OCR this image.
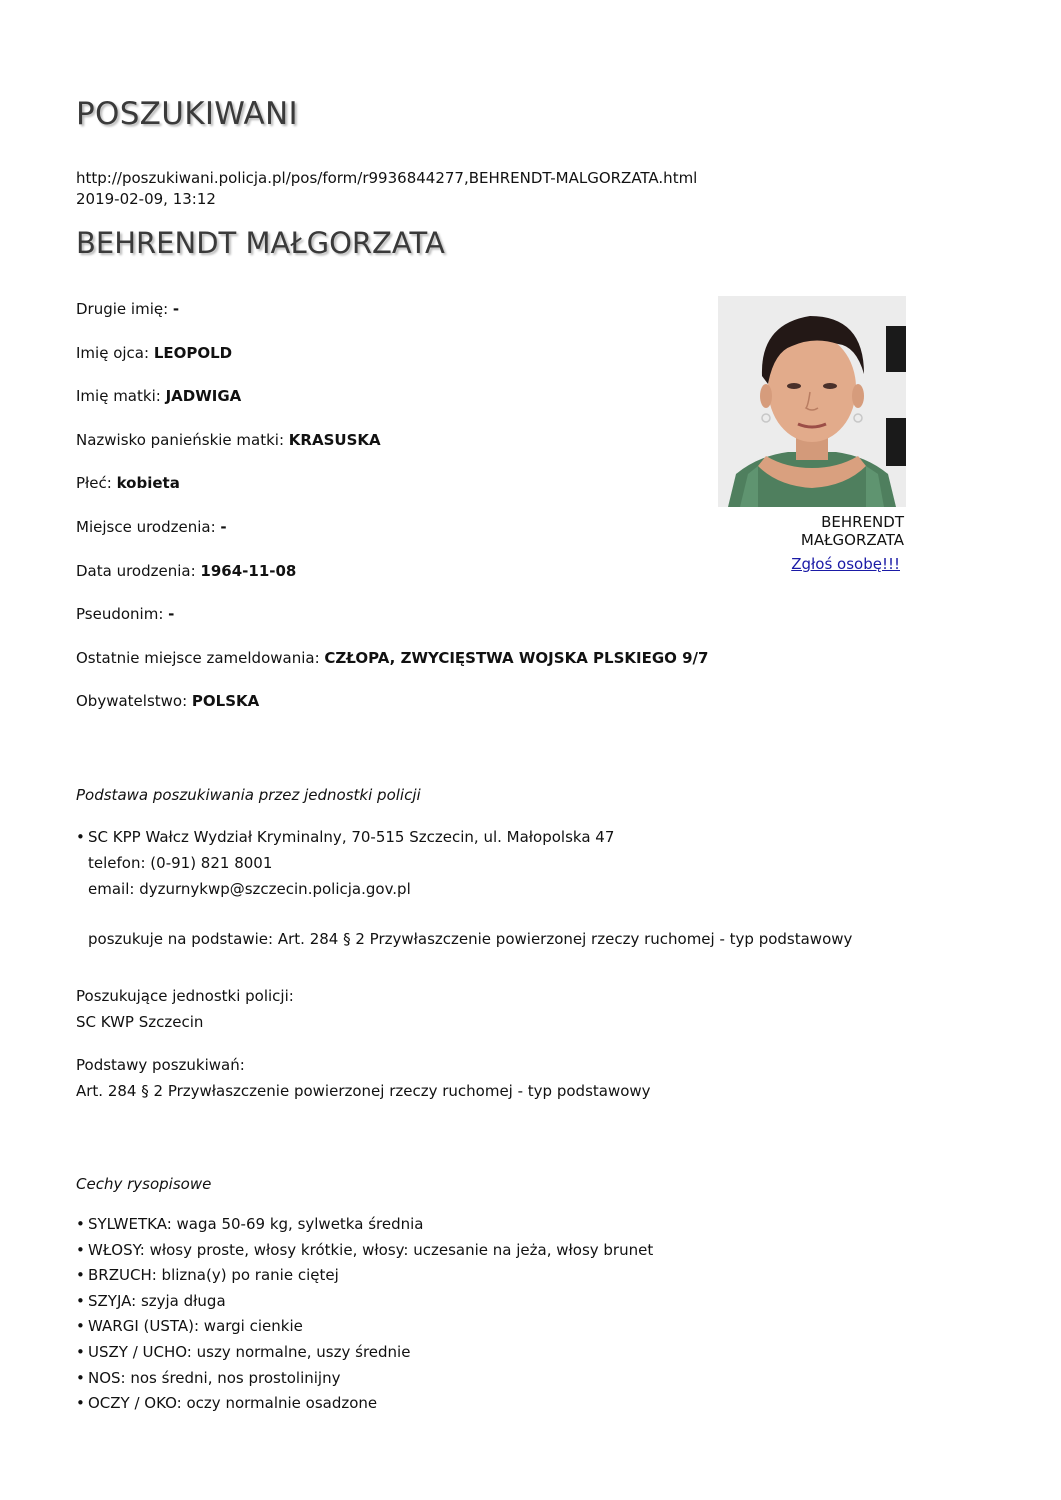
POSZUKIWANI
http://poszukiwani.policja.pl/pos/form/r9936844277,BEHRENDT-MALGORZATA.html
2019-02-09, 13:12
BEHRENDT MAŁGORZATA
Drugie imię: -
Imię ojca: LEOPOLD
Imię matki: JADWIGA
Nazwisko panieńskie matki: KRASUSKA
Płeć: kobieta
Miejsce urodzenia: -
Data urodzenia: 1964-11-08
Pseudonim: -
Ostatnie miejsce zameldowania: CZŁOPA, ZWYCIĘSTWA WOJSKA PLSKIEGO 9/7
Obywatelstwo: POLSKA
BEHRENDT MAŁGORZATA
Zgłoś osobę!!!
Podstawa poszukiwania przez jednostki policji
• SC KPP Wałcz Wydział Kryminalny, 70-515 Szczecin, ul. Małopolska 47
telefon: (0-91) 821 8001
email: dyzurnykwp@szczecin.policja.gov.pl
poszukuje na podstawie: Art. 284 § 2 Przywłaszczenie powierzonej rzeczy ruchomej - typ podstawowy
Poszukujące jednostki policji:
SC KWP Szczecin
Podstawy poszukiwań:
Art. 284 § 2 Przywłaszczenie powierzonej rzeczy ruchomej - typ podstawowy
Cechy rysopisowe
• SYLWETKA: waga 50-69 kg, sylwetka średnia
• WŁOSY: włosy proste, włosy krótkie, włosy: uczesanie na jeża, włosy brunet
• BRZUCH: blizna(y) po ranie ciętej
• SZYJA: szyja długa
• WARGI (USTA): wargi cienkie
• USZY / UCHO: uszy normalne, uszy średnie
• NOS: nos średni, nos prostolinijny
• OCZY / OKO: oczy normalnie osadzone
